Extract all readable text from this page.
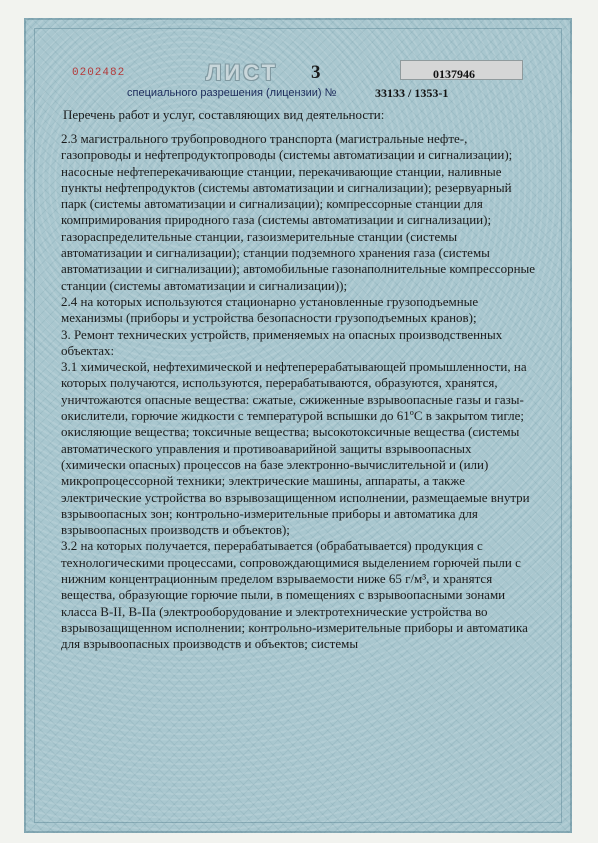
0202482	ЛИСТ 3	0137946
специального разрешения (лицензии) №	33133 / 1353-1
Перечень работ и услуг, составляющих вид деятельности:

2.3 магистрального трубопроводного транспорта (магистральные нефте-, газопроводы и нефтепродуктопроводы (системы автоматизации и сигнализации); насосные нефтеперекачивающие станции, перекачивающие станции, наливные пункты нефтепродуктов (системы автоматизации и сигнализации); резервуарный парк (системы автоматизации и сигнализации); компрессорные станции для компримирования природного газа (системы автоматизации и сигнализации); газораспределительные станции, газоизмерительные станции (системы автоматизации и сигнализации); станции подземного хранения газа (системы автоматизации и сигнализации); автомобильные газонаполнительные компрессорные станции (системы автоматизации и сигнализации));

2.4 на которых используются стационарно установленные грузоподъемные механизмы (приборы и устройства безопасности грузоподъемных кранов);

3. Ремонт технических устройств, применяемых на опасных производственных объектах:

3.1 химической, нефтехимической и нефтеперерабатывающей промышленности, на которых получаются, используются, перерабатываются, образуются, хранятся, уничтожаются опасные вещества: сжатые, сжиженные взрывоопасные газы и газы-окислители, горючие жидкости с температурой вспышки до 61ºС в закрытом тигле; окисляющие вещества; токсичные вещества; высокотоксичные вещества (системы автоматического управления и противоаварийной защиты взрывоопасных (химически опасных) процессов на базе электронно-вычислительной и (или) микропроцессорной техники; электрические машины, аппараты, а также электрические устройства во взрывозащищенном исполнении, размещаемые внутри взрывоопасных зон; контрольно-измерительные приборы и автоматика для взрывоопасных производств и объектов);

3.2 на которых получается, перерабатывается (обрабатывается) продукция с технологическими процессами, сопровождающимися выделением горючей пыли с нижним концентрационным пределом взрываемости ниже 65 г/м³, и хранятся вещества, образующие горючие пыли, в помещениях с взрывоопасными зонами класса В-II, В-IIа (электрооборудование и электротехнические устройства во взрывозащищенном исполнении; контрольно-измерительные приборы и автоматика для взрывоопасных производств и объектов; системы
